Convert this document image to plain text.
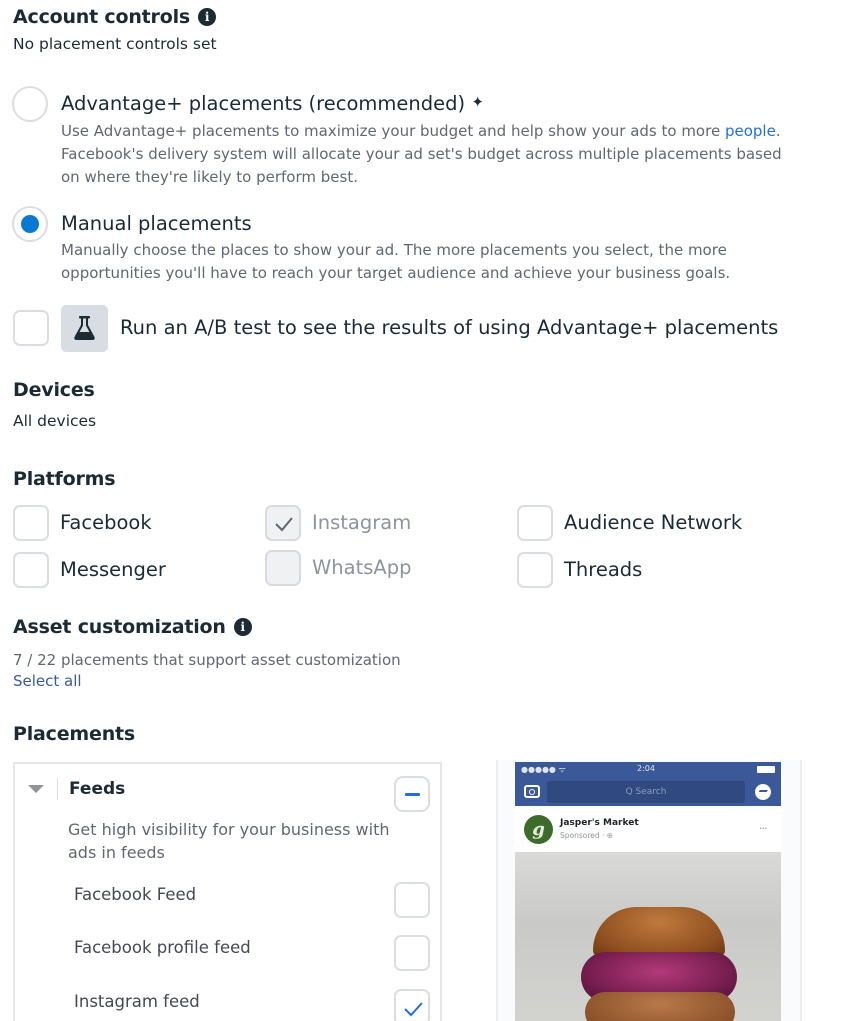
Account controls i
No placement controls set
Advantage+ placements (recommended) ✦
Use Advantage+ placements to maximize your budget and help show your ads to more people.
Facebook's delivery system will allocate your ad set's budget across multiple placements based
on where they're likely to perform best.
Manual placements
Manually choose the places to show your ad. The more placements you select, the more
opportunities you'll have to reach your target audience and achieve your business goals.
Run an A/B test to see the results of using Advantage+ placements
Devices
All devices
Platforms
Facebook	Instagram	Audience Network
Messenger	WhatsApp	Threads
Asset customization i
7 / 22 placements that support asset customization
Select all
Placements
Feeds
Get high visibility for your business with
ads in feeds
Facebook Feed
Facebook profile feed
Instagram feed
●●●●● ᯤ	2:04
Q Search
g	Jasper's Market
Sponsored · ⊕
···
